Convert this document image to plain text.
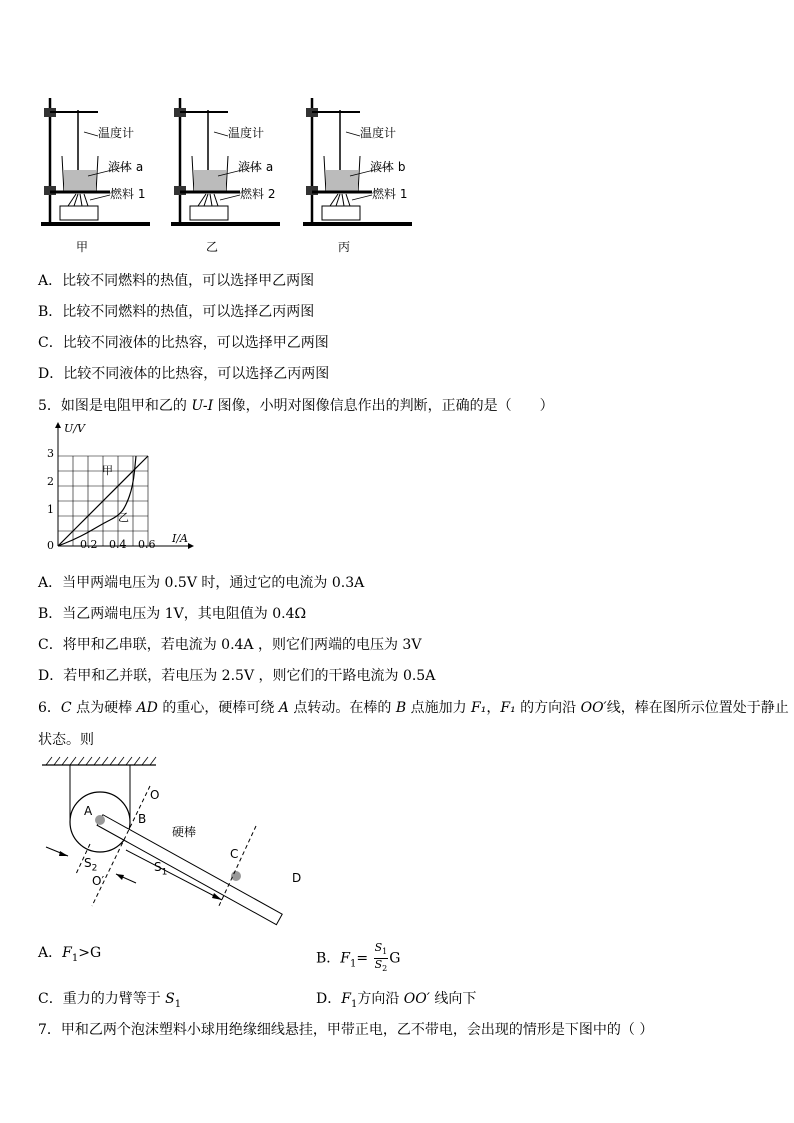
温度计
液体 a
燃料 1
甲
温度计
液体 a
燃料 2
乙
温度计
液体 b
燃料 1
丙
A．比较不同燃料的热值，可以选择甲乙两图
B．比较不同燃料的热值，可以选择乙丙两图
C．比较不同液体的比热容，可以选择甲乙两图
D．比较不同液体的比热容，可以选择乙丙两图
5．如图是电阻甲和乙的 U-I 图像，小明对图像信息作出的判断，正确的是（　　）
U/V
I/A
0
1
2
3
0.2 0.4 0.6
甲
乙
A．当甲两端电压为 0.5V 时，通过它的电流为 0.3A
B．当乙两端电压为 1V，其电阻值为 0.4Ω
C．将甲和乙串联，若电流为 0.4A ，则它们两端的电压为 3V
D．若甲和乙并联，若电压为 2.5V ，则它们的干路电流为 0.5A
6．C 点为硬棒 AD 的重心，硬棒可绕 A 点转动。在棒的 B 点施加力 F₁，F₁ 的方向沿 OO′线，棒在图所示位置处于静止
状态。则
A
B
O
硬棒
C
D
$S_2$	$S_1$
O′
A．$F_1>G$	B．$F_1= \frac{S_1}{S_2}$ G
C．重力的力臂等于 $S_1$	D．$F_1$方向沿 OO′ 线向下
7．甲和乙两个泡沫塑料小球用绝缘细线悬挂，甲带正电，乙不带电，会出现的情形是下图中的（ ）
